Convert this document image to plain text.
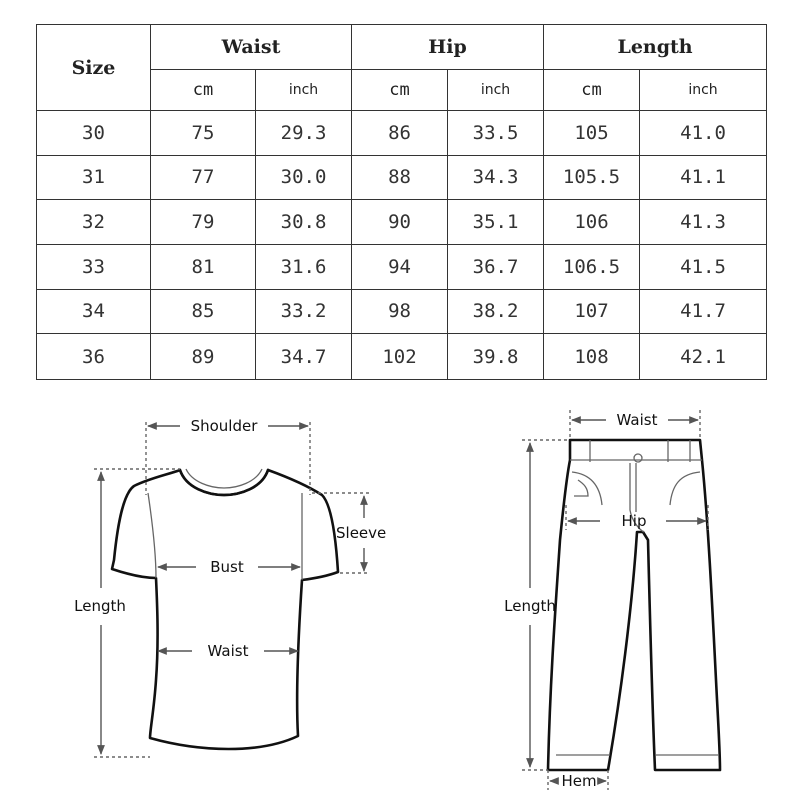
Size	Waist		Hip		Length	
	cm	inch	cm	inch	cm	inch
30	75	29.3	86	33.5	105	41.0
31	77	30.0	88	34.3	105.5	41.1
32	79	30.8	90	35.1	106	41.3
33	81	31.6	94	36.7	106.5	41.5
34	85	33.2	98	38.2	107	41.7
36	89	34.7	102	39.8	108	42.1
Shoulder
Sleeve
Bust
Waist
Length
Waist
Hip
Length
Hem
